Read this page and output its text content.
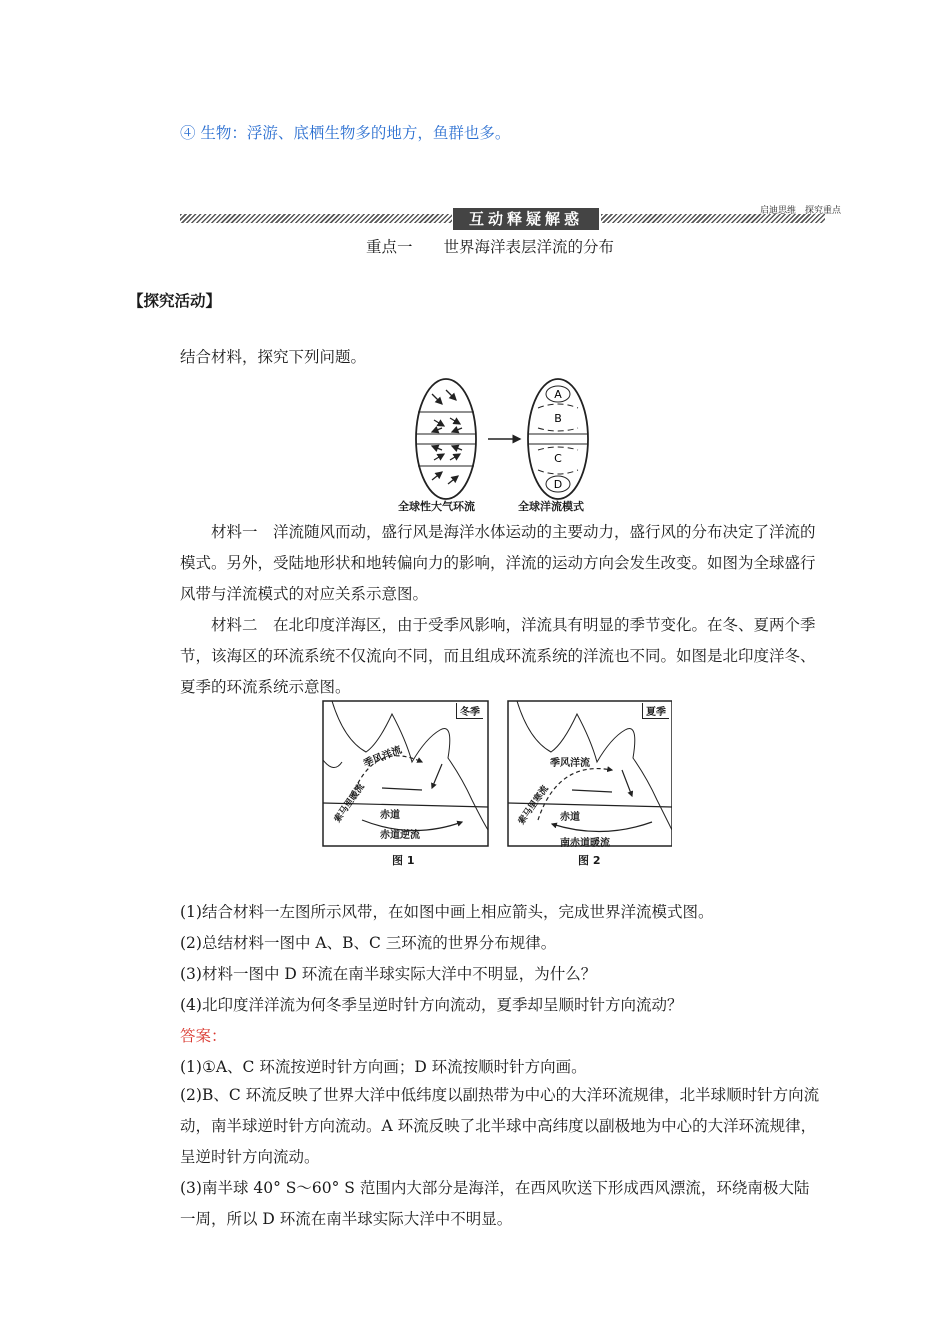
④ 生物：浮游、底栖生物多的地方，鱼群也多。
互动释疑解惑	启迪思维　探究重点
重点一　　世界海洋表层洋流的分布
【探究活动】
结合材料，探究下列问题。
A
B
C
D
全球性大气环流	全球洋流模式
材料一　洋流随风而动，盛行风是海洋水体运动的主要动力，盛行风的分布决定了洋流的模式。另外，受陆地形状和地转偏向力的影响，洋流的运动方向会发生改变。如图为全球盛行风带与洋流模式的对应关系示意图。
材料二　在北印度洋海区，由于受季风影响，洋流具有明显的季节变化。在冬、夏两个季节，该海区的环流系统不仅流向不同，而且组成环流系统的洋流也不同。如图是北印度洋冬、夏季的环流系统示意图。
冬季
季风洋流
索马里暖流 赤道
赤道逆流
图 1
夏季
季风洋流
索马里寒流 赤道
南赤道暖流
图 2
(1)结合材料一左图所示风带，在如图中画上相应箭头，完成世界洋流模式图。
(2)总结材料一图中 A、B、C 三环流的世界分布规律。
(3)材料一图中 D 环流在南半球实际大洋中不明显，为什么？
(4)北印度洋洋流为何冬季呈逆时针方向流动，夏季却呈顺时针方向流动？
答案：
(1)①A、C 环流按逆时针方向画；D 环流按顺时针方向画。
(2)B、C 环流反映了世界大洋中低纬度以副热带为中心的大洋环流规律，北半球顺时针方向流动，南半球逆时针方向流动。A 环流反映了北半球中高纬度以副极地为中心的大洋环流规律，呈逆时针方向流动。
(3)南半球 40° S～60° S 范围内大部分是海洋，在西风吹送下形成西风漂流，环绕南极大陆一周，所以 D 环流在南半球实际大洋中不明显。
